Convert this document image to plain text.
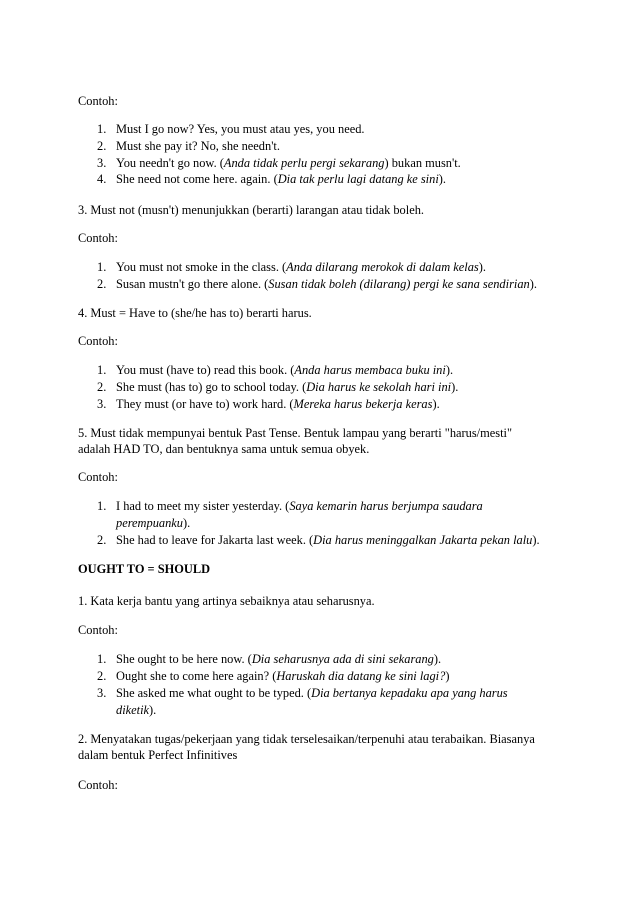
Contoh:
1. Must I go now? Yes, you must atau yes, you need.
2. Must she pay it? No, she needn't.
3. You needn't go now. (Anda tidak perlu pergi sekarang) bukan musn't.
4. She need not come here. again. (Dia tak perlu lagi datang ke sini).
3. Must not (musn't) menunjukkan (berarti) larangan atau tidak boleh.
Contoh:
1. You must not smoke in the class. (Anda dilarang merokok di dalam kelas).
2. Susan mustn't go there alone. (Susan tidak boleh (dilarang) pergi ke sana sendirian).
4. Must = Have to (she/he has to) berarti harus.
Contoh:
1. You must (have to) read this book. (Anda harus membaca buku ini).
2. She must (has to) go to school today. (Dia harus ke sekolah hari ini).
3. They must (or have to) work hard. (Mereka harus bekerja keras).
5. Must tidak mempunyai bentuk Past Tense. Bentuk lampau yang berarti "harus/mesti"
adalah HAD TO, dan bentuknya sama untuk semua obyek.
Contoh:
1. I had to meet my sister yesterday. (Saya kemarin harus berjumpa saudara
perempuanku).
2. She had to leave for Jakarta last week. (Dia harus meninggalkan Jakarta pekan lalu).
OUGHT TO = SHOULD
1. Kata kerja bantu yang artinya sebaiknya atau seharusnya.
Contoh:
1. She ought to be here now. (Dia seharusnya ada di sini sekarang).
2. Ought she to come here again? (Haruskah dia datang ke sini lagi?)
3. She asked me what ought to be typed. (Dia bertanya kepadaku apa yang harus
diketik).
2. Menyatakan tugas/pekerjaan yang tidak terselesaikan/terpenuhi atau terabaikan. Biasanya
dalam bentuk Perfect Infinitives
Contoh:
